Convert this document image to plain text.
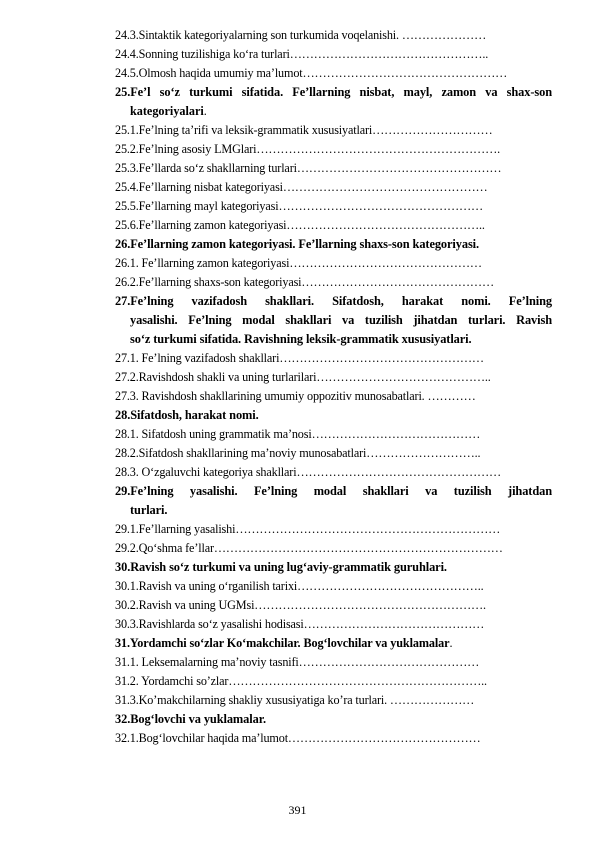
24.3.Sintaktik kategoriyalarning son turkumida voqelanishi. …………………
24.4.Sonning tuzilishiga ko‘ra turlari…………………………………………..
24.5.Olmosh haqida umumiy ma’lumot……………………………………………
25.Fe’l so‘z turkumi sifatida. Fe’llarning nisbat, mayl, zamon va shax-son
kategoriyalari.
25.1.Fe’lning ta’rifi va leksik-grammatik xususiyatlari…………………………
25.2.Fe’lning asosiy LMGlari…………………………………………………….
25.3.Fe’llarda so‘z shakllarning turlari……………………………………………
25.4.Fe’llarning nisbat kategoriyasi……………………………………………
25.5.Fe’llarning mayl kategoriyasi……………………………………………
25.6.Fe’llarning zamon kategoriyasi…………………………………………..
26.Fe’llarning zamon kategoriyasi. Fe’llarning shaxs-son kategoriyasi.
26.1. Fe’llarning zamon kategoriyasi…………………………………………
26.2.Fe’llarning shaxs-son kategoriyasi…………………………………………
27.Fe’lning vazifadosh shakllari. Sifatdosh, harakat nomi. Fe’lning
yasalishi. Fe’lning modal shakllari va tuzilish jihatdan turlari. Ravish
so‘z turkumi sifatida. Ravishning leksik-grammatik xususiyatlari.
27.1. Fe’lning vazifadosh shakllari……………………………………………
27.2.Ravishdosh shakli va uning turlarilari……………………………………..
27.3. Ravishdosh shakllarining umumiy oppozitiv munosabatlari. …………
28.Sifatdosh, harakat nomi.
28.1. Sifatdosh uning grammatik ma’nosi……………………………………
28.2.Sifatdosh shakllarining ma’noviy munosabatlari………………………..
28.3. O‘zgaluvchi kategoriya shakllari……………………………………………
29.Fe’lning yasalishi. Fe’lning modal shakllari va tuzilish jihatdan
turlari.
29.1.Fe’llarning yasalishi…………………………………………………………
29.2.Qo‘shma fe’llar………………………………………………………………
30.Ravish so‘z turkumi va uning lug‘aviy-grammatik guruhlari.
30.1.Ravish va uning o‘rganilish tarixi………………………………………..
30.2.Ravish va uning UGMsi………………………………………………….
30.3.Ravishlarda so‘z yasalishi hodisasi………………………………………
31.Yordamchi so‘zlar Ko‘makchilar. Bog‘lovchilar va yuklamalar.
31.1. Leksemalarning ma’noviy tasnifi………………………………………
31.2. Yordamchi so’zlar………………………………………………………..
31.3.Ko’makchilarning shakliy xususiyatiga ko’ra turlari. …………………
32.Bog‘lovchi va yuklamalar.
32.1.Bog‘lovchilar haqida ma’lumot…………………………………………
391
